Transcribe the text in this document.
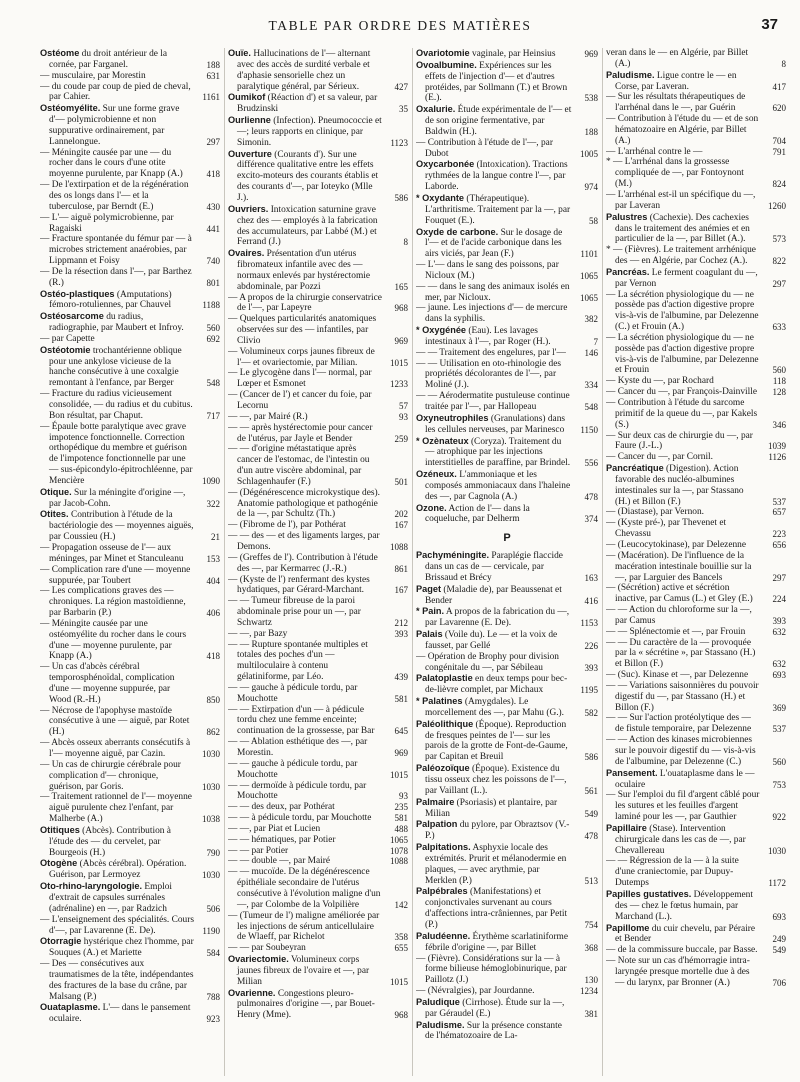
TABLE PAR ORDRE DES MATIÈRES	37

Ostéome du droit antérieur de la cornée, par Farganel.	188

— musculaire, par Morestin	631

— du coude par coup de pied de cheval, par Cahier.	1161

Ostéomyélite. Sur une forme grave d'— polymicrobienne et non suppurative ordinairement, par Lannelongue.	297

— Méningite causée par une — du rocher dans le cours d'une otite moyenne purulente, par Knapp (A.)	418

— De l'extirpation et de la régénération des os longs dans l'— et la tuberculose, par Berndt (E.)	430

— L'— aiguë polymicrobienne, par Ragaiski	441

— Fracture spontanée du fémur par — à microbes strictement anaérobies, par Lippmann et Foisy	740

— De la résection dans l'—, par Barthez (R.)	801

Ostéo-plastiques (Amputations) fémoro-rotuliennes, par Chauvel	1188

Ostéosarcome du radius, radiographie, par Maubert et Infroy.	560

— par Capette	692

Ostéotomie trochantérienne oblique pour une ankylose vicieuse de la hanche consécutive à une coxalgie remontant à l'enfance, par Berger	548

— Fracture du radius vicieusement consolidée, — du radius et du cubitus. Bon résultat, par Chaput.	717

— Épaule botte paralytique avec grave impotence fonctionnelle. Correction orthopédique du membre et guérison de l'impotence fonctionnelle par une — sus-épicondylo-épitrochléenne, par Mencière	1090

Otique. Sur la méningite d'origine —, par Jacob-Cohn.	322

Otites. Contribution à l'étude de la bactériologie des — moyennes aiguës, par Coussieu (H.)	21

— Propagation osseuse de l'— aux méninges, par Minet et Stanculeanu	153

— Complication rare d'une — moyenne suppurée, par Toubert	404

— Les complications graves des — chroniques. La région mastoïdienne, par Barbarin (P.)	406

— Méningite causée par une ostéomyélite du rocher dans le cours d'une — moyenne purulente, par Knapp (A.)	418

— Un cas d'abcès cérébral temporosphénoïdal, complication d'une — moyenne suppurée, par Wood (R.-H.)	850

— Nécrose de l'apophyse mastoïde consécutive à une — aiguë, par Rotet (H.)	862

— Abcès osseux aberrants consécutifs à l'— moyenne aiguë, par Cazin.	1030

— Un cas de chirurgie cérébrale pour complication d'— chronique, guérison, par Goris.	1030

— Traitement rationnel de l'— moyenne aiguë purulente chez l'enfant, par Malherbe (A.)	1038

Otitiques (Abcès). Contribution à l'étude des — du cervelet, par Bourgeois (H.)	790

Otogène (Abcès cérébral). Opération. Guérison, par Lermoyez	1030

Oto-rhino-laryngologie. Emploi d'extrait de capsules surrénales (adrénaline) en —, par Radzich	506

— L'enseignement des spécialités. Cours d'—, par Lavarenne (E. De).	1190

Otorragie hystérique chez l'homme, par Souques (A.) et Mariette	584

— Des — consécutives aux traumatismes de la tête, indépendantes des fractures de la base du crâne, par Malsang (P.)	788

Ouataplasme. L'— dans le pansement oculaire.	923

Ouïe. Hallucinations de l'— alternant avec des accès de surdité verbale et d'aphasie sensorielle chez un paralytique général, par Sérieux.	427

Oumikof (Réaction d') et sa valeur, par Brudzinski	35

Ourlienne (Infection). Pneumococcie et —; leurs rapports en clinique, par Simonin.	1123

Ouverture (Courants d'). Sur une différence qualitative entre les effets excito-moteurs des courants établis et des courants d'—, par Ioteyko (Mlle J.).	586

Ouvriers. Intoxication saturnine grave chez des — employés à la fabrication des accumulateurs, par Labbé (M.) et Ferrand (J.)	8

Ovaires. Présentation d'un utérus fibromateux infantile avec des — normaux enlevés par hystérectomie abdominale, par Pozzi	165

— A propos de la chirurgie conservatrice de l'—, par Lapeyre	968

— Quelques particularités anatomiques observées sur des — infantiles, par Clivio	969

— Volumineux corps jaunes fibreux de l'— et ovariectomie, par Milian.	1015

— Le glycogène dans l'— normal, par Lœper et Esmonet	1233

— (Cancer de l') et cancer du foie, par Lecornu	57

— —, par Mairé (R.)	93

— — après hystérectomie pour cancer de l'utérus, par Jayle et Bender	259

— — d'origine métastatique après cancer de l'estomac, de l'intestin ou d'un autre viscère abdominal, par Schlagenhaufer (F.)	501

— (Dégénérescence microkystique des). Anatomie pathologique et pathogénie de la —, par Schultz (Th.)	202

— (Fibrome de l'), par Pothérat	167

— — des — et des ligaments larges, par Demons.	1088

— (Greffes de l'). Contribution à l'étude des —, par Kermarrec (J.-R.)	861

— (Kyste de l') renfermant des kystes hydatiques, par Gérard-Marchant.	167

— — Tumeur fibreuse de la paroi abdominale prise pour un —, par Schwartz	212

— —, par Bazy	393

— — Rupture spontanée multiples et totales des poches d'un — multiloculaire à contenu gélatiniforme, par Léo.	439

— — gauche à pédicule tordu, par Mouchotte	581

— — Extirpation d'un — à pédicule tordu chez une femme enceinte; continuation de la grossesse, par Bar 645

— — Ablation esthétique des —, par Morestin.	969

— — gauche à pédicule tordu, par Mouchotte	1015

— — dermoïde à pédicule tordu, par Mouchotte	93

— — des deux, par Pothérat	235

— — à pédicule tordu, par Mouchotte	581

— —, par Piat et Lucien	488

— — hématiques, par Potier	1065

— — par Potier	1078

— — double —, par Mairé	1088

— — mucoïde. De la dégénérescence épithéliale secondaire de l'utérus consécutive à l'évolution maligne d'un —, par Colombe de la Volpilière	142

— (Tumeur de l') maligne améliorée par les injections de sérum anticellulaire de Wlaeff, par Richelot	358

— — par Soubeyran	655

Ovariectomie. Volumineux corps jaunes fibreux de l'ovaire et —, par Milian	1015

Ovarienne. Congestions pleuro-pulmonaires d'origine —, par Bouet-Henry (Mme).	968

Ovariotomie vaginale, par Heinsius	969

Ovoalbumine. Expériences sur les effets de l'injection d'— et d'autres protéides, par Sollmann (T.) et Brown (E.).	538

Oxalurie. Étude expérimentale de l'— et de son origine fermentative, par Baldwin (H.).	188

— Contribution à l'étude de l'—, par Dubot	1005

Oxycarbonée (Intoxication). Tractions rythmées de la langue contre l'—, par Laborde.	974

* Oxydante (Thérapeutique). L'arthritisme. Traitement par la —, par Fouquet (E.).	58

Oxyde de carbone. Sur le dosage de l'— et de l'acide carbonique dans les airs viciés, par Jean (F.)	1101

— L'— dans le sang des poissons, par Nicloux (M.)	1065

— — dans le sang des animaux isolés en mer, par Nicloux.	1065

— jaune. Les injections d'— de mercure dans la syphilis.	382

* Oxygénée (Eau). Les lavages intestinaux à l'—, par Roger (H.).	7

— — Traitement des engelures, par l'— 146

— — Utilisation en oto-rhinologie des propriétés décolorantes de l'—, par Moliné (J.).	334

— — Aérodermatite pustuleuse continue traitée par l'—, par Hallopeau	548

Oxyneutrophiles (Granulations) dans les cellules nerveuses, par Marinesco 1150

* Ozènateux (Coryza). Traitement du — atrophique par les injections interstitielles de paraffine, par Brindel. 556

Ozéneux. L'ammoniaque et les composés ammoniacaux dans l'haleine des —, par Cagnola (A.)	478

Ozone. Action de l'— dans la coqueluche, par Delherm	374

P

Pachyméningite. Paraplégie flaccide dans un cas de — cervicale, par Brissaud et Brécy	163

Paget (Maladie de), par Beaussenat et Bender	416

* Pain. A propos de la fabrication du —, par Lavarenne (E. De).	1153

Palais (Voile du). Le — et la voix de fausset, par Gellé	226

— Opération de Brophy pour division congénitale du —, par Sébileau	393

Palatoplastie en deux temps pour bec-de-lièvre complet, par Michaux	1195

* Palatines (Amygdales). Le morcellement des —, par Mahu (G.). 582

Paléolithique (Époque). Reproduction de fresques peintes de l'— sur les parois de la grotte de Font-de-Gaume, par Capitan et Breuil	586

Paléozoïque (Époque). Existence du tissu osseux chez les poissons de l'—, par Vaillant (L.).	561

Palmaire (Psoriasis) et plantaire, par Milian	549

Palpation du pylore, par Obraztsov (V.-P.)	478

Palpitations. Asphyxie locale des extrémités. Prurit et mélanodermie en plaques, — avec arythmie, par Merklen (P.)	513

Palpébrales (Manifestations) et conjonctivales survenant au cours d'affections intra-crâniennes, par Petit (P.)	754

Paludéenne. Érythème scarlatiniforme fébrile d'origine —, par Billet	368

— (Fièvre). Considérations sur la — à forme bilieuse hémoglobinurique, par Paillotz (J.)	130

— (Névralgies), par Jourdanne.	1234

Paludique (Cirrhose). Étude sur la —, par Géraudel (E.)	381

Paludisme. Sur la présence constante de l'hématozoaire de La-

veran dans le — en Algérie, par Billet (A.)	8

Paludisme. Ligue contre le — en Corse, par Laveran.	417

— Sur les résultats thérapeutiques de l'arrhénal dans le —, par Guérin	620

— Contribution à l'étude du — et de son hématozoaire en Algérie, par Billet (A.)	704

— L'arrhénal contre le —	791

* — L'arrhénal dans la grossesse compliquée de —, par Fontoynont (M.)	824

— L'arrhénal est-il un spécifique du —, par Laveran	1260

Palustres (Cachexie). Des cachexies dans le traitement des anémies et en particulier de la —, par Billet (A.).	573

* — (Fièvres). Le traitement arrhénique des — en Algérie, par Cochez (A.).	822

Pancréas. Le ferment coagulant du —, par Vernon	297

— La sécrétion physiologique du — ne possède pas d'action digestive propre vis-à-vis de l'albumine, par Delezenne (C.) et Frouin (A.)	633

— La sécrétion physiologique du — ne possède pas d'action digestive propre vis-à-vis de l'albumine, par Delezenne et Frouin	560

— Kyste du —, par Rochard	118

— Cancer du —, par François-Dainville 128

— Contribution à l'étude du sarcome primitif de la queue du —, par Kakels (S.)	346

— Sur deux cas de chirurgie du —, par Faure (J.-L.)	1039

— Cancer du —, par Cornil.	1126

Pancréatique (Digestion). Action favorable des nucléo-albumines intestinales sur la —, par Stassano (H.) et Billon (F.)	537

— (Diastase), par Vernon.	657

— (Kyste pré-), par Thevenet et Chevassu	223

— (Leucocytokinase), par Delezenne	656

— (Macération). De l'influence de la macération intestinale bouillie sur la —, par Larguier des Bancels	297

— (Sécrétion) active et sécrétion inactive, par Camus (L.) et Gley (E.) 224

— — Action du chloroforme sur la —, par Camus	393

— — Splénectomie et —, par Frouin	632

— — Du caractère de la — provoquée par la « sécrétine », par Stassano (H.) et Billon (F.)	632

— (Suc). Kinase et —, par Delezenne	693

— — Variations saisonnières du pouvoir digestif du —, par Stassano (H.) et Billon (F.)	369

— — Sur l'action protéolytique des — de fistule temporaire, par Delezenne 537

— — Action des kinases microbiennes sur le pouvoir digestif du — vis-à-vis de l'albumine, par Delezenne (C.)	560

Pansement. L'ouataplasme dans le — oculaire	753

— Sur l'emploi du fil d'argent câblé pour les sutures et les feuilles d'argent laminé pour les —, par Gauthier	922

Papillaire (Stase). Intervention chirurgicale dans les cas de —, par Chevallereau	1030

— — Régression de la — à la suite d'une craniectomie, par Dupuy-Dutemps	1172

Papilles gustatives. Développement des — chez le fœtus humain, par Marchand (L.).	693

Papillome du cuir chevelu, par Péraire et Bender	249

— de la commissure buccale, par Basse. 549

— Note sur un cas d'hémorragie intra-laryngée presque mortelle due à des — du larynx, par Bronner (A.)	706
